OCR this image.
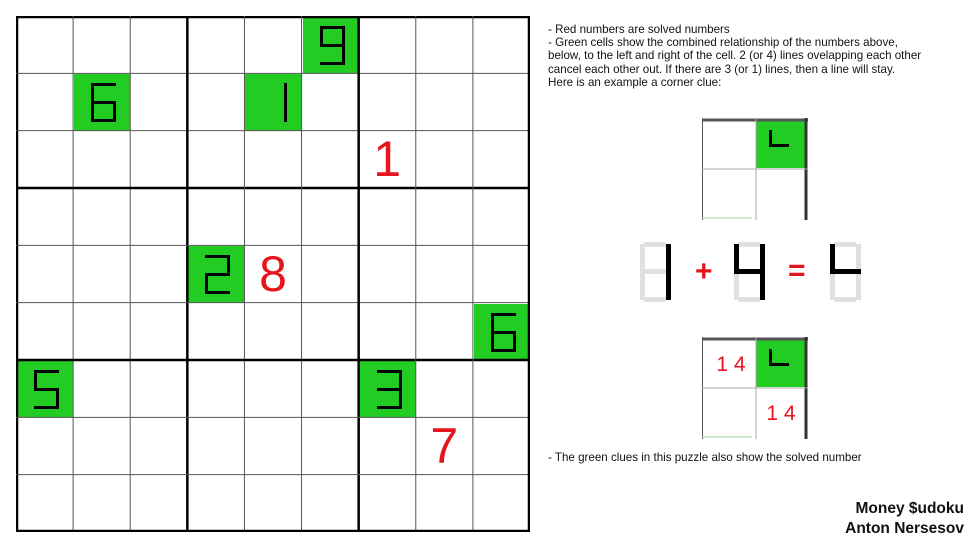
1
8
7

- Red numbers are solved numbers

- Green cells show the combined relationship of the numbers above,

below, to the left and right of the cell. 2 (or 4) lines ovelapping each other

cancel each other out. If there are 3 (or 1) lines, then a line will stay.

Here is an example a corner clue:

+	=
1 4
1 4

- The green clues in this puzzle also show the solved number

Money $udoku
Anton Nersesov
